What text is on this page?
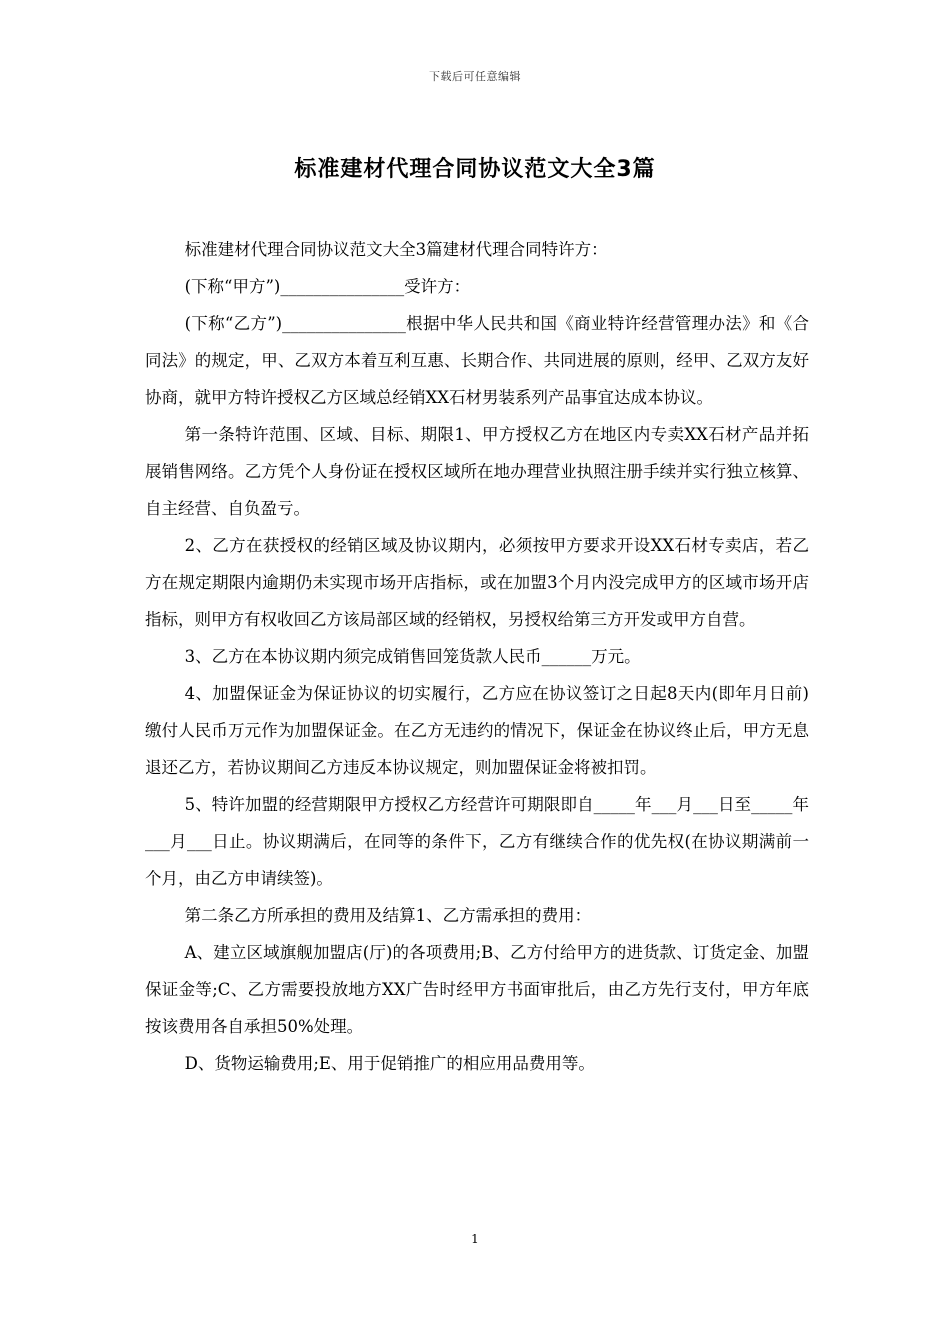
下载后可任意编辑
标准建材代理合同协议范文大全3篇

标准建材代理合同协议范文大全3篇建材代理合同特许方：

(下称“甲方”)_______________受许方：

(下称“乙方”)_______________根据中华人民共和国《商业特许经营管理办法》和《合同法》的规定，甲、乙双方本着互利互惠、长期合作、共同进展的原则，经甲、乙双方友好协商，就甲方特许授权乙方区域总经销XX石材男装系列产品事宜达成本协议。

第一条特许范围、区域、目标、期限1、甲方授权乙方在地区内专卖XX石材产品并拓展销售网络。乙方凭个人身份证在授权区域所在地办理营业执照注册手续并实行独立核算、自主经营、自负盈亏。

2、乙方在获授权的经销区域及协议期内，必须按甲方要求开设XX石材专卖店，若乙方在规定期限内逾期仍未实现市场开店指标，或在加盟3个月内没完成甲方的区域市场开店指标，则甲方有权收回乙方该局部区域的经销权，另授权给第三方开发或甲方自营。

3、乙方在本协议期内须完成销售回笼货款人民币______万元。

4、加盟保证金为保证协议的切实履行，乙方应在协议签订之日起8天内(即年月日前)缴付人民币万元作为加盟保证金。在乙方无违约的情况下，保证金在协议终止后，甲方无息退还乙方，若协议期间乙方违反本协议规定，则加盟保证金将被扣罚。

5、特许加盟的经营期限甲方授权乙方经营许可期限即自_____年___月___日至_____年___月___日止。协议期满后，在同等的条件下，乙方有继续合作的优先权(在协议期满前一个月，由乙方申请续签)。

第二条乙方所承担的费用及结算1、乙方需承担的费用：

A、建立区域旗舰加盟店(厅)的各项费用;B、乙方付给甲方的进货款、订货定金、加盟保证金等;C、乙方需要投放地方XX广告时经甲方书面审批后，由乙方先行支付，甲方年底按该费用各自承担50%处理。

D、货物运输费用;E、用于促销推广的相应用品费用等。

1
